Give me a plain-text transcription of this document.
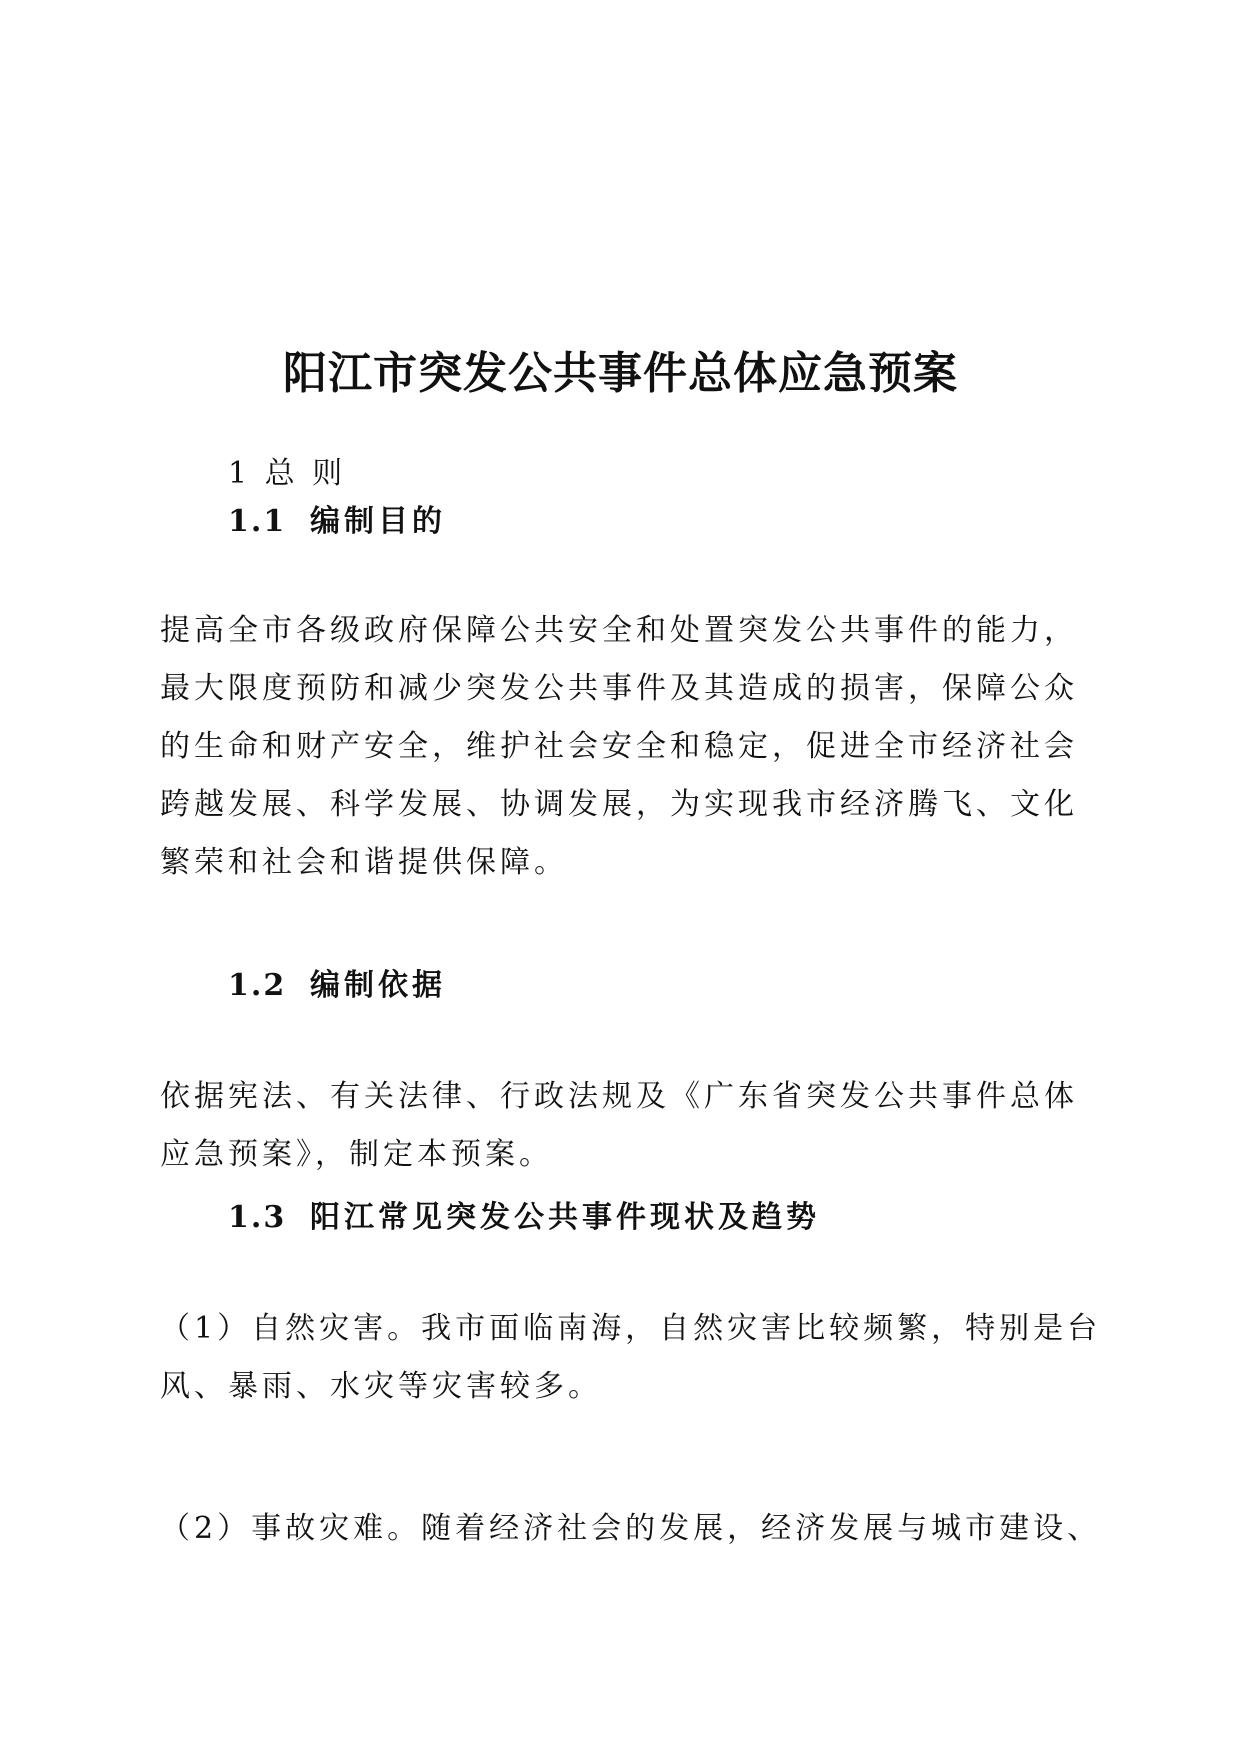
阳江市突发公共事件总体应急预案
1 总 则
1.1 编制目的
提高全市各级政府保障公共安全和处置突发公共事件的能力，
最大限度预防和减少突发公共事件及其造成的损害，保障公众
的生命和财产安全，维护社会安全和稳定，促进全市经济社会
跨越发展、科学发展、协调发展，为实现我市经济腾飞、文化
繁荣和社会和谐提供保障。
1.2 编制依据
依据宪法、有关法律、行政法规及《广东省突发公共事件总体
应急预案》，制定本预案。
1.3 阳江常见突发公共事件现状及趋势
（1）自然灾害。我市面临南海，自然灾害比较频繁，特别是台
风、暴雨、水灾等灾害较多。
（2）事故灾难。随着经济社会的发展，经济发展与城市建设、
